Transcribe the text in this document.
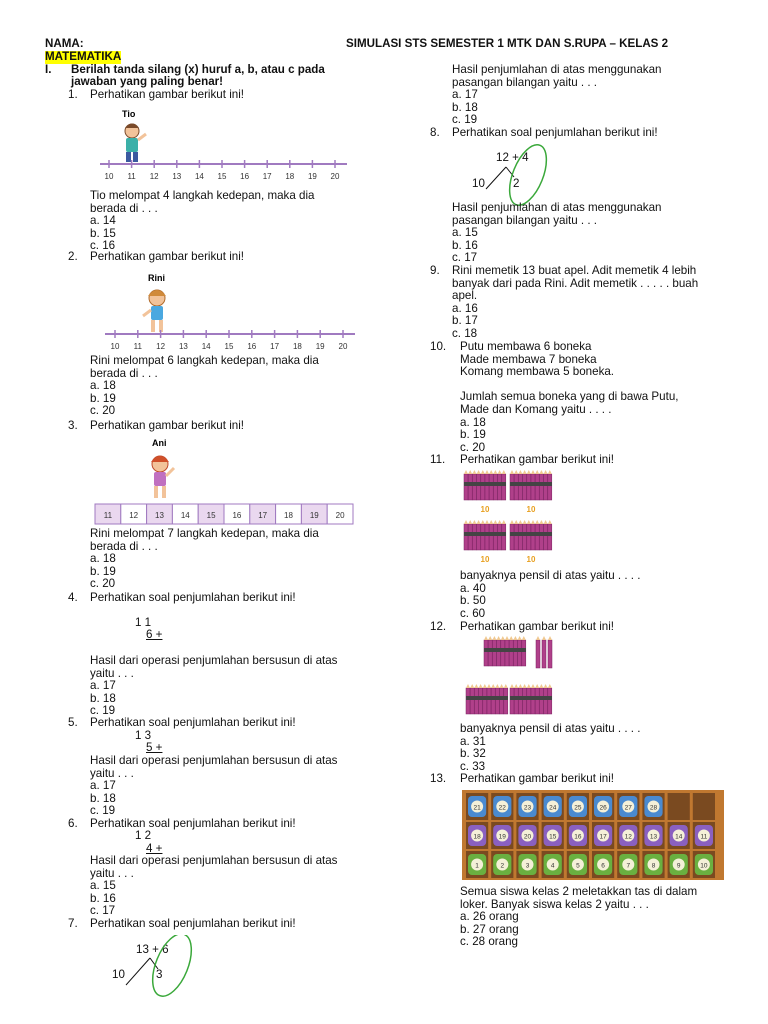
NAMA:	SIMULASI STS SEMESTER 1 MTK DAN S.RUPA – KELAS 2
MATEMATIKA
I. Berilah tanda silang (x) huruf a, b, atau c pada
jawaban yang paling benar!
1. Perhatikan gambar berikut ini!
Tio
10 11 12 13 14 15 16 17 18 19 20
Tio melompat 4 langkah kedepan, maka dia
berada di . . .
a. 14
b. 15
c. 16
2. Perhatikan gambar berikut ini!
Rini
10 11 12 13 14 15 16 17 18 19 20
Rini melompat 6 langkah kedepan, maka dia
berada di . . .
a. 18
b. 19
c. 20
3. Perhatikan gambar berikut ini!
Ani
11 12 13 14 15 16 17 18 19 20
Rini melompat 7 langkah kedepan, maka dia
berada di . . .
a. 18
b. 19
c. 20
4. Perhatikan soal penjumlahan berikut ini!
1 1
6 +
Hasil dari operasi penjumlahan bersusun di atas
yaitu . . .
a. 17
b. 18
c. 19
5. Perhatikan soal penjumlahan berikut ini!
1 3
5 +
Hasil dari operasi penjumlahan bersusun di atas
yaitu . . .
a. 17
b. 18
c. 19
6. Perhatikan soal penjumlahan berikut ini!
1 2
4 +
Hasil dari operasi penjumlahan bersusun di atas
yaitu . . .
a. 15
b. 16
c. 17
7. Perhatikan soal penjumlahan berikut ini!
13 + 6
10	3
Hasil penjumlahan di atas menggunakan
pasangan bilangan yaitu . . .
a. 17
b. 18
c. 19
8. Perhatikan soal penjumlahan berikut ini!
12 + 4
10 2
Hasil penjumlahan di atas menggunakan
pasangan bilangan yaitu . . .
a. 15
b. 16
c. 17
9. Rini memetik 13 buat apel. Adit memetik 4 lebih
banyak dari pada Rini. Adit memetik . . . . . buah
apel.
a. 16
b. 17
c. 18
10. Putu membawa 6 boneka
Made membawa 7 boneka
Komang membawa 5 boneka.
Jumlah semua boneka yang di bawa Putu,
Made dan Komang yaitu . . . .
a. 18
b. 19
c. 20
11. Perhatikan gambar berikut ini!
10	10
10	10
banyaknya pensil di atas yaitu . . . .
a. 40
b. 50
c. 60
12. Perhatikan gambar berikut ini!
banyaknya pensil di atas yaitu . . . .
a. 31
b. 32
c. 33
13. Perhatikan gambar berikut ini!
21	22	23	24	25	26	27	28
18	19	20	15	16	17	12	13	14	11
1	2	3	4	5	6	7	8	9	10
Semua siswa kelas 2 meletakkan tas di dalam
loker. Banyak siswa kelas 2 yaitu . . .
a. 26 orang
b. 27 orang
c. 28 orang
